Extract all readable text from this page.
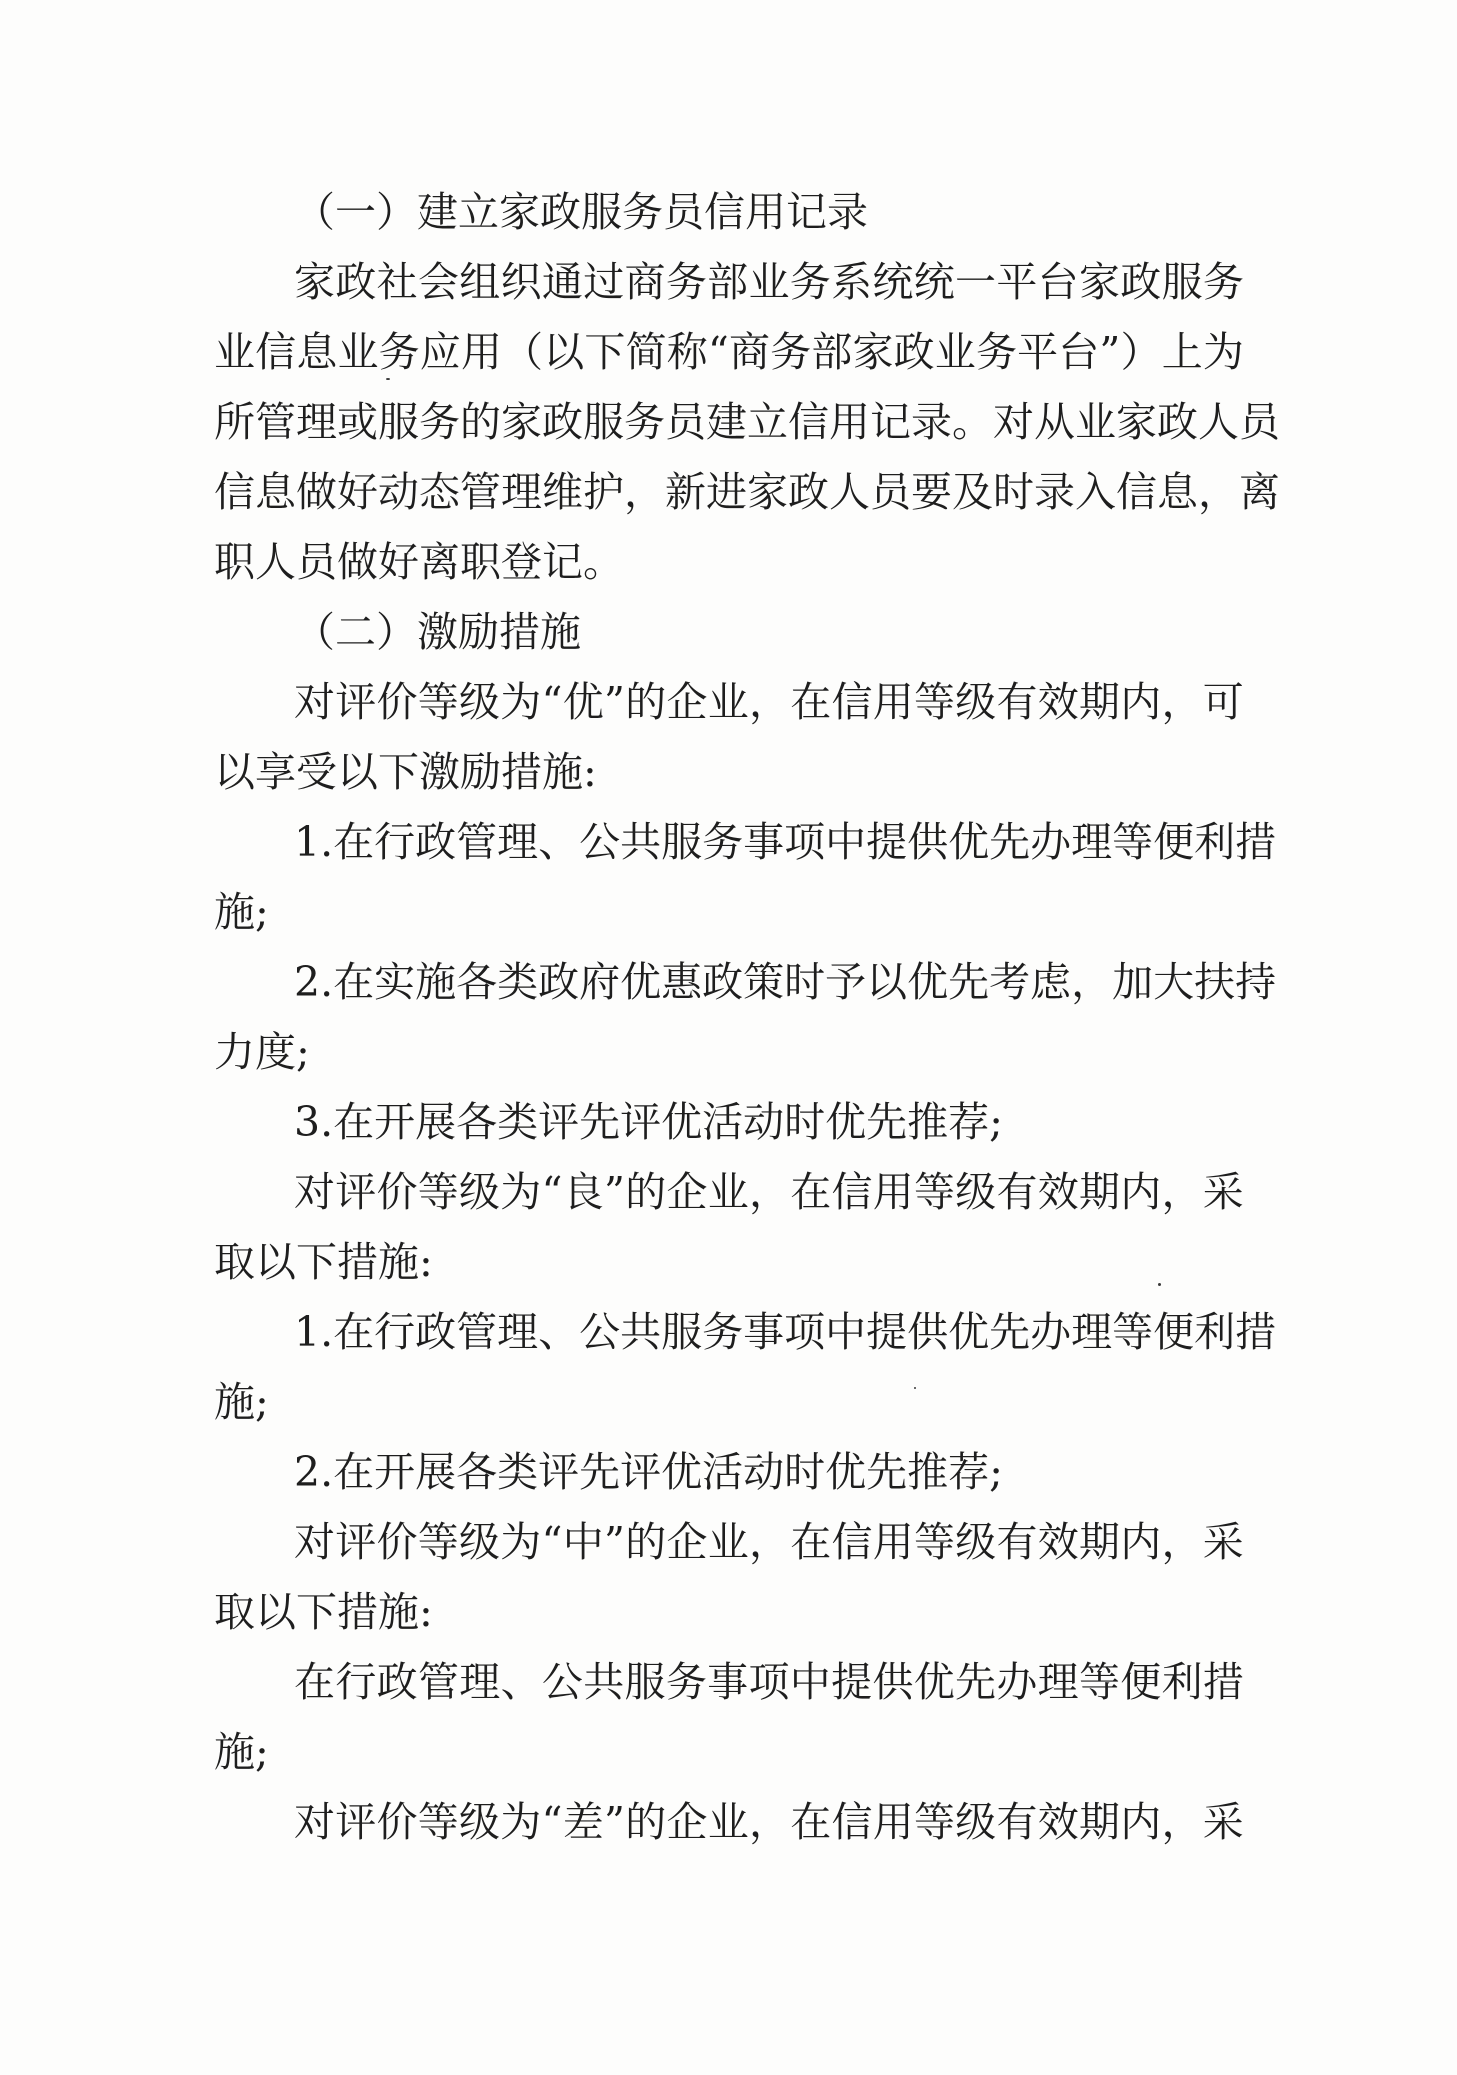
（一）建立家政服务员信用记录
家 政 社 会 组 织 通 过 商 务 部 业 务 系 统 统 一 平 台 家 政 服 务
业 信 息 业 务 应 用 （ 以 下 简 称 “ 商 务 部 家 政 业 务 平 台 ” ） 上 为
所 管 理 或 服 务 的 家 政 服 务 员 建 立 信 用 记 录 。 对 从 业 家 政 人 员
信 息 做 好 动 态 管 理 维 护 ， 新 进 家 政 人 员 要 及 时 录 入 信 息 ， 离
职人员做好离职登记。
（二）激励措施
对 评 价 等 级 为 “ 优 ” 的 企 业 ， 在 信 用 等 级 有 效 期 内 ， 可
以享受以下激励措施:
1 . 在 行 政 管 理 、 公 共 服 务 事 项 中 提 供 优 先 办 理 等 便 利 措
施;
2 . 在 实 施 各 类 政 府 优 惠 政 策 时 予 以 优 先 考 虑 ， 加 大 扶 持
力度;
3.在开展各类评先评优活动时优先推荐;
对 评 价 等 级 为 “ 良 ” 的 企 业 ， 在 信 用 等 级 有 效 期 内 ， 采
取以下措施:
1 . 在 行 政 管 理 、 公 共 服 务 事 项 中 提 供 优 先 办 理 等 便 利 措
施;
2.在开展各类评先评优活动时优先推荐;
对 评 价 等 级 为 “ 中 ” 的 企 业 ， 在 信 用 等 级 有 效 期 内 ， 采
取以下措施:
在 行 政 管 理 、 公 共 服 务 事 项 中 提 供 优 先 办 理 等 便 利 措
施;
对 评 价 等 级 为 “ 差 ” 的 企 业 ， 在 信 用 等 级 有 效 期 内 ， 采
